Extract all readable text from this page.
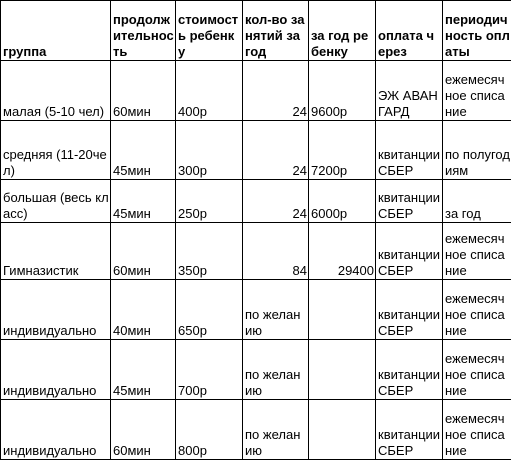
группа	продолжительность	стоимость ребенку	кол-во занятий за год	за год ребенку	оплата через	периодичность оплаты
малая (5-10 чел)	60мин	400р	24	9600р	ЭЖ АВАНГАРД	ежемесячное списание
средняя (11-20чел)	45мин	300р	24	7200р	квитанции СБЕР	по полугодиям
большая (весь класс)	45мин	250р	24	6000р	квитанции СБЕР	за год
Гимназистик	60мин	350р	84	29400	квитанции СБЕР	ежемесячное списание
индивидуально	40мин	650р	по желанию		квитанции СБЕР	ежемесячное списание
индивидуально	45мин	700р	по желанию		квитанции СБЕР	ежемесячное списание
индивидуально	60мин	800р	по желанию		квитанции СБЕР	ежемесячное списание
